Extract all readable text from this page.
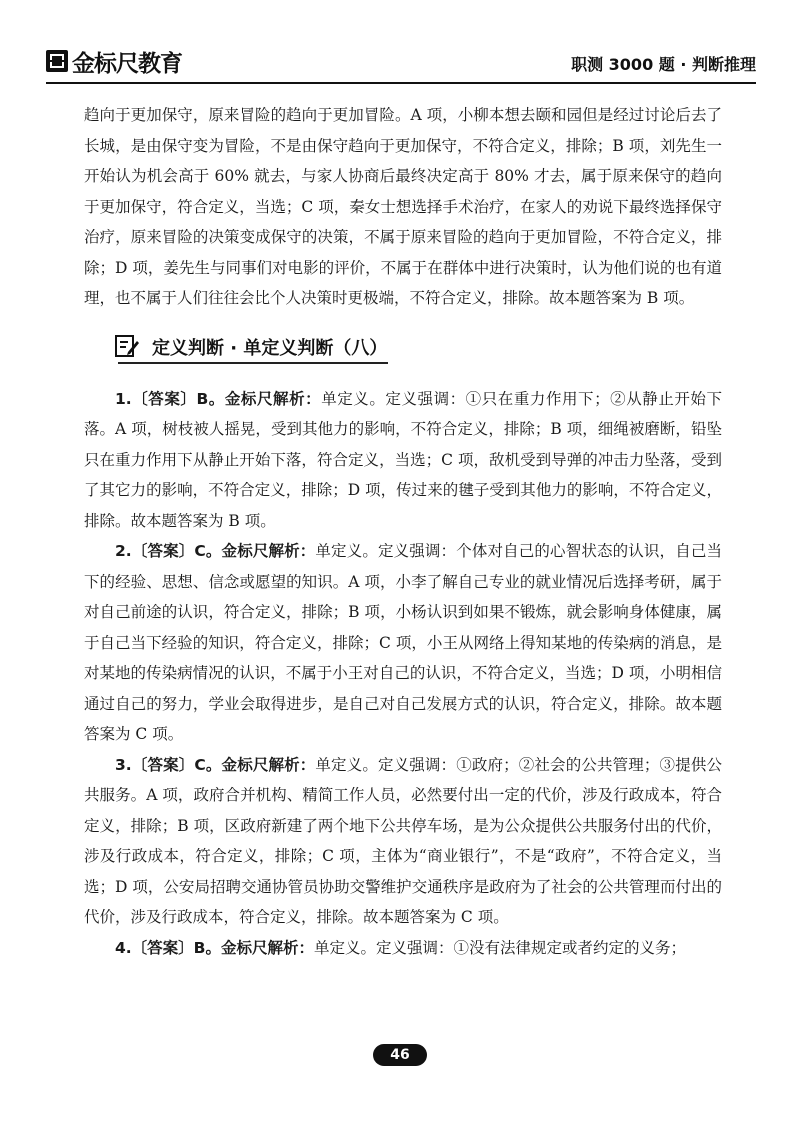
金标尺教育	职测 3000 题 · 判断推理

趋向于更加保守，原来冒险的趋向于更加冒险。A 项，小柳本想去颐和园但是经过讨论后去了长城，是由保守变为冒险，不是由保守趋向于更加保守，不符合定义，排除；B 项，刘先生一开始认为机会高于 60% 就去，与家人协商后最终决定高于 80% 才去，属于原来保守的趋向于更加保守，符合定义，当选；C 项，秦女士想选择手术治疗，在家人的劝说下最终选择保守治疗，原来冒险的决策变成保守的决策，不属于原来冒险的趋向于更加冒险，不符合定义，排除；D 项，姜先生与同事们对电影的评价，不属于在群体中进行决策时，认为他们说的也有道理，也不属于人们往往会比个人决策时更极端，不符合定义，排除。故本题答案为 B 项。

定义判断 · 单定义判断（八）

1.〔答案〕B。金标尺解析：单定义。定义强调：①只在重力作用下；②从静止开始下落。A 项，树枝被人摇晃，受到其他力的影响，不符合定义，排除；B 项，细绳被磨断，铅坠只在重力作用下从静止开始下落，符合定义，当选；C 项，敌机受到导弹的冲击力坠落，受到了其它力的影响，不符合定义，排除；D 项，传过来的毽子受到其他力的影响，不符合定义，排除。故本题答案为 B 项。

2.〔答案〕C。金标尺解析：单定义。定义强调：个体对自己的心智状态的认识，自己当下的经验、思想、信念或愿望的知识。A 项，小李了解自己专业的就业情况后选择考研，属于对自己前途的认识，符合定义，排除；B 项，小杨认识到如果不锻炼，就会影响身体健康，属于自己当下经验的知识，符合定义，排除；C 项，小王从网络上得知某地的传染病的消息，是对某地的传染病情况的认识，不属于小王对自己的认识，不符合定义，当选；D 项，小明相信通过自己的努力，学业会取得进步，是自己对自己发展方式的认识，符合定义，排除。故本题答案为 C 项。

3.〔答案〕C。金标尺解析：单定义。定义强调：①政府；②社会的公共管理；③提供公共服务。A 项，政府合并机构、精简工作人员，必然要付出一定的代价，涉及行政成本，符合定义，排除；B 项，区政府新建了两个地下公共停车场，是为公众提供公共服务付出的代价，涉及行政成本，符合定义，排除；C 项，主体为“商业银行”，不是“政府”，不符合定义，当选；D 项，公安局招聘交通协管员协助交警维护交通秩序是政府为了社会的公共管理而付出的代价，涉及行政成本，符合定义，排除。故本题答案为 C 项。

4.〔答案〕B。金标尺解析：单定义。定义强调：①没有法律规定或者约定的义务；

46
